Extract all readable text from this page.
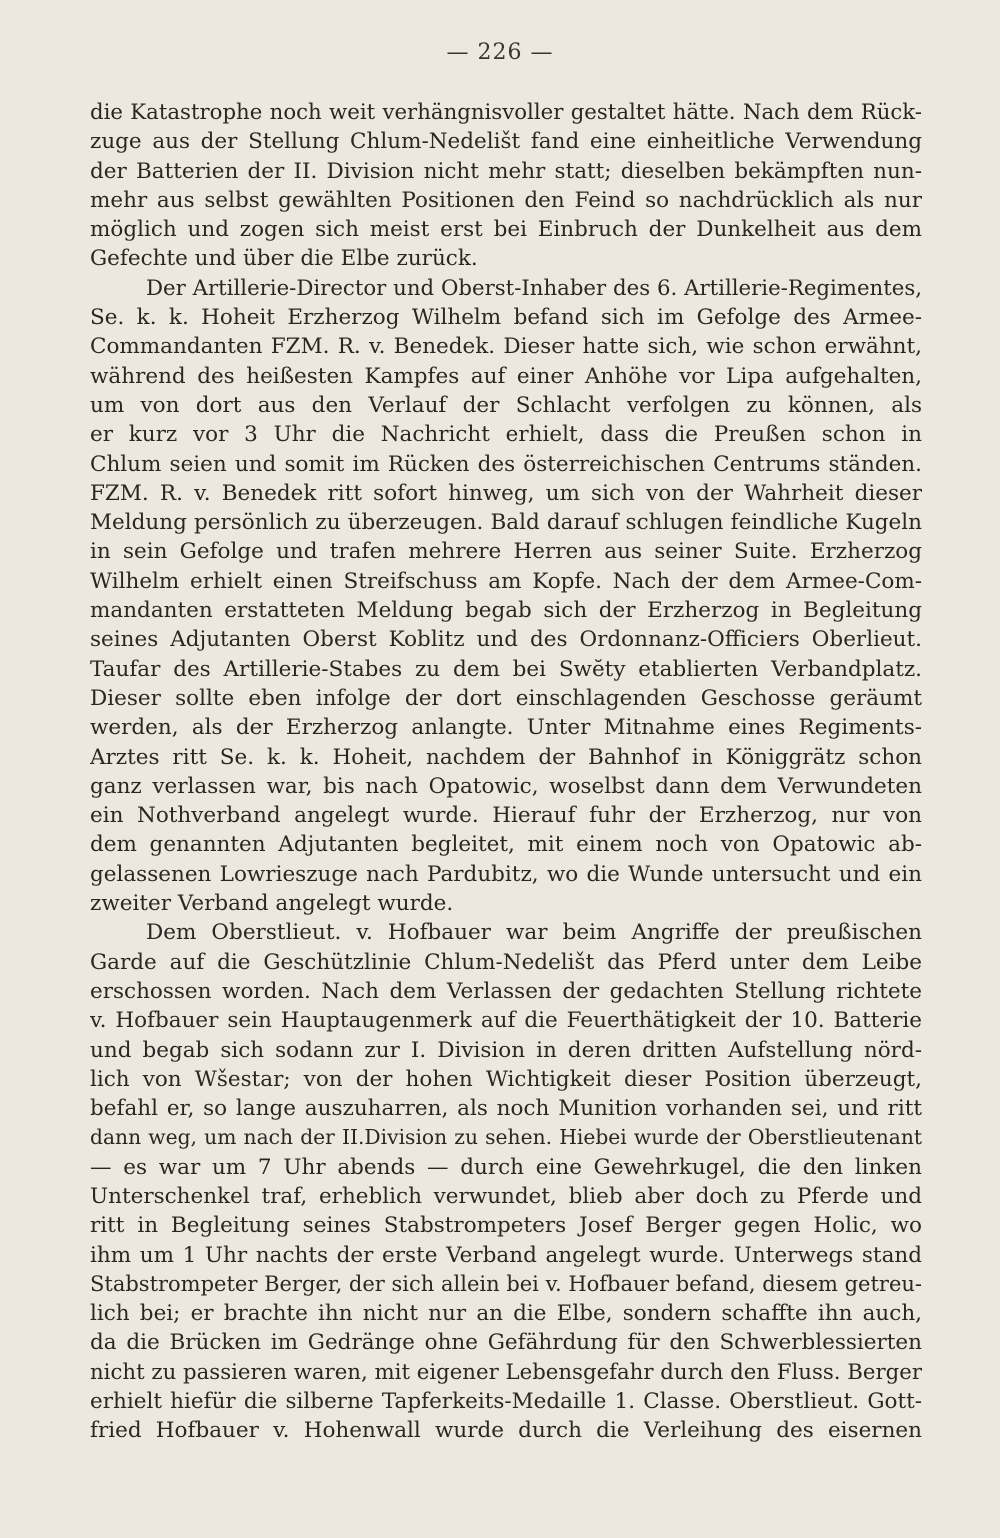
— 226 —
die Katastrophe noch weit verhängnisvoller gestaltet hätte. Nach dem Rück-
zuge aus der Stellung Chlum-Nedelišt fand eine einheitliche Verwendung
der Batterien der II. Division nicht mehr statt; dieselben bekämpften nun-
mehr aus selbst gewählten Positionen den Feind so nachdrücklich als nur
möglich und zogen sich meist erst bei Einbruch der Dunkelheit aus dem
Gefechte und über die Elbe zurück.
Der Artillerie-Director und Oberst-Inhaber des 6. Artillerie-Regimentes,
Se. k. k. Hoheit Erzherzog Wilhelm befand sich im Gefolge des Armee-
Commandanten FZM. R. v. Benedek. Dieser hatte sich, wie schon erwähnt,
während des heißesten Kampfes auf einer Anhöhe vor Lipa aufgehalten,
um von dort aus den Verlauf der Schlacht verfolgen zu können, als
er kurz vor 3 Uhr die Nachricht erhielt, dass die Preußen schon in
Chlum seien und somit im Rücken des österreichischen Centrums ständen.
FZM. R. v. Benedek ritt sofort hinweg, um sich von der Wahrheit dieser
Meldung persönlich zu überzeugen. Bald darauf schlugen feindliche Kugeln
in sein Gefolge und trafen mehrere Herren aus seiner Suite. Erzherzog
Wilhelm erhielt einen Streifschuss am Kopfe. Nach der dem Armee-Com-
mandanten erstatteten Meldung begab sich der Erzherzog in Begleitung
seines Adjutanten Oberst Koblitz und des Ordonnanz-Officiers Oberlieut.
Taufar des Artillerie-Stabes zu dem bei Swĕty etablierten Verbandplatz.
Dieser sollte eben infolge der dort einschlagenden Geschosse geräumt
werden, als der Erzherzog anlangte. Unter Mitnahme eines Regiments-
Arztes ritt Se. k. k. Hoheit, nachdem der Bahnhof in Königgrätz schon
ganz verlassen war, bis nach Opatowic, woselbst dann dem Verwundeten
ein Nothverband angelegt wurde. Hierauf fuhr der Erzherzog, nur von
dem genannten Adjutanten begleitet, mit einem noch von Opatowic ab-
gelassenen Lowrieszuge nach Pardubitz, wo die Wunde untersucht und ein
zweiter Verband angelegt wurde.
Dem Oberstlieut. v. Hofbauer war beim Angriffe der preußischen
Garde auf die Geschützlinie Chlum-Nedelišt das Pferd unter dem Leibe
erschossen worden. Nach dem Verlassen der gedachten Stellung richtete
v. Hofbauer sein Hauptaugenmerk auf die Feuerthätigkeit der 10. Batterie
und begab sich sodann zur I. Division in deren dritten Aufstellung nörd-
lich von Wšestar; von der hohen Wichtigkeit dieser Position überzeugt,
befahl er, so lange auszuharren, als noch Munition vorhanden sei, und ritt
dann weg, um nach der II.Division zu sehen. Hiebei wurde der Oberstlieutenant
— es war um 7 Uhr abends — durch eine Gewehrkugel, die den linken
Unterschenkel traf, erheblich verwundet, blieb aber doch zu Pferde und
ritt in Begleitung seines Stabstrompeters Josef Berger gegen Holic, wo
ihm um 1 Uhr nachts der erste Verband angelegt wurde. Unterwegs stand
Stabstrompeter Berger, der sich allein bei v. Hofbauer befand, diesem getreu-
lich bei; er brachte ihn nicht nur an die Elbe, sondern schaffte ihn auch,
da die Brücken im Gedränge ohne Gefährdung für den Schwerblessierten
nicht zu passieren waren, mit eigener Lebensgefahr durch den Fluss. Berger
erhielt hiefür die silberne Tapferkeits-Medaille 1. Classe. Oberstlieut. Gott-
fried Hofbauer v. Hohenwall wurde durch die Verleihung des eisernen
